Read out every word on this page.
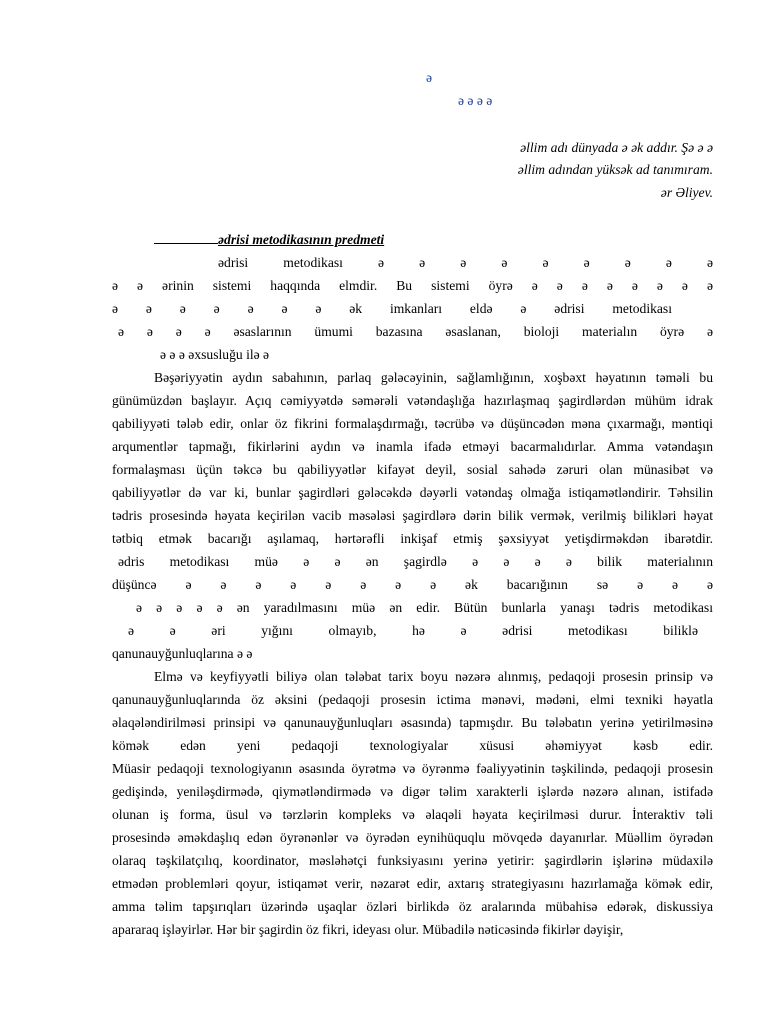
ə
ə ə ə ə
əllim adı dünyada ə ək addır. Şə ə ə
əllim adından yüksək ad tanımıram.
ər Əliyev.
ədrisi metodikasının predmeti
ədrisi metodikası ə ə ə ə ə ə ə ə ə
ə ə ərinin sistemi haqqında elmdir. Bu sistemi öyrə ə ə ə ə ə ə ə ə
ə ə ə ə ə ə ə ək imkanları eldə ə ədrisi metodikası
ə ə ə ə əsaslarının ümumi bazasına əsaslanan, bioloji materialın öyrə ə
ə ə ə əxsusluğu ilə ə
Bəşəriyyətin aydın sabahının, parlaq gələcəyinin, sağlamlığının, xoşbəxt həyatının təməli bu
günümüzdən başlayır. Açıq cəmiyyətdə səmərəli vətəndaşlığa hazırlaşmaq şagirdlərdən mühüm idrak
qabiliyyəti tələb edir, onlar öz fikrini formalaşdırmağı, təcrübə və düşüncədən məna çıxarmağı, məntiqi
arqumentlər tapmağı, fikirlərini aydın və inamla ifadə etməyi bacarmalıdırlar. Amma vətəndaşın
formalaşması üçün təkcə bu qabiliyyətlər kifayət deyil, sosial sahədə zəruri olan münasibət və
qabiliyyətlər də var ki, bunlar şagirdləri gələcəkdə dəyərli vətəndaş olmağa istiqamətləndirir. Təhsilin
tədris prosesində həyata keçirilən vacib məsələsi şagirdlərə dərin bilik vermək, verilmiş bilikləri həyat
tətbiq etmək bacarığı aşılamaq, hərtərəfli inkişaf etmiş şəxsiyyət yetişdirməkdən ibarətdir.
ədris metodikası müə ə ə ən şagirdlə ə ə ə ə bilik materialının
düşüncə ə ə ə ə ə ə ə ə ək bacarığının sə ə ə ə
ə ə ə ə ə ən yaradılmasını müə ən edir. Bütün bunlarla yanaşı tədris metodikası
ə ə əri yığını olmayıb, hə ə ədrisi metodikası biliklə
qanunauyğunluqlarına ə ə
Elmə və keyfiyyətli biliyə olan tələbat tarix boyu nəzərə alınmış, pedaqoji prosesin prinsip və
qanunauyğunluqlarında öz əksini (pedaqoji prosesin ictima mənəvi, mədəni, elmi texniki həyatla
əlaqələndirilməsi prinsipi və qanunauyğunluqları əsasında) tapmışdır. Bu tələbatın yerinə yetirilməsinə
kömək edən yeni pedaqoji texnologiyalar xüsusi əhəmiyyət kəsb edir.
Müasir pedaqoji texnologiyanın əsasında öyrətmə və öyrənmə fəaliyyətinin təşkilində, pedaqoji prosesin
gedişində, yeniləşdirmədə, qiymətləndirmədə və digər təlim xarakterli işlərdə nəzərə alınan, istifadə
olunan iş forma, üsul və tərzlərin kompleks və əlaqəli həyata keçirilməsi durur. İnteraktiv təli
prosesində əməkdaşlıq edən öyrənənlər və öyrədən eynihüquqlu mövqedə dayanırlar. Müəllim öyrədən
olaraq təşkilatçılıq, koordinator, məsləhətçi funksiyasını yerinə yetirir: şagirdlərin işlərinə müdaxilə
etmədən problemləri qoyur, istiqamət verir, nəzarət edir, axtarış strategiyasını hazırlamağa kömək edir,
amma təlim tapşırıqları üzərində uşaqlar özləri birlikdə öz aralarında mübahisə edərək, diskussiya
apararaq işləyirlər. Hər bir şagirdin öz fikri, ideyası olur. Mübadilə nəticəsində fikirlər dəyişir,
